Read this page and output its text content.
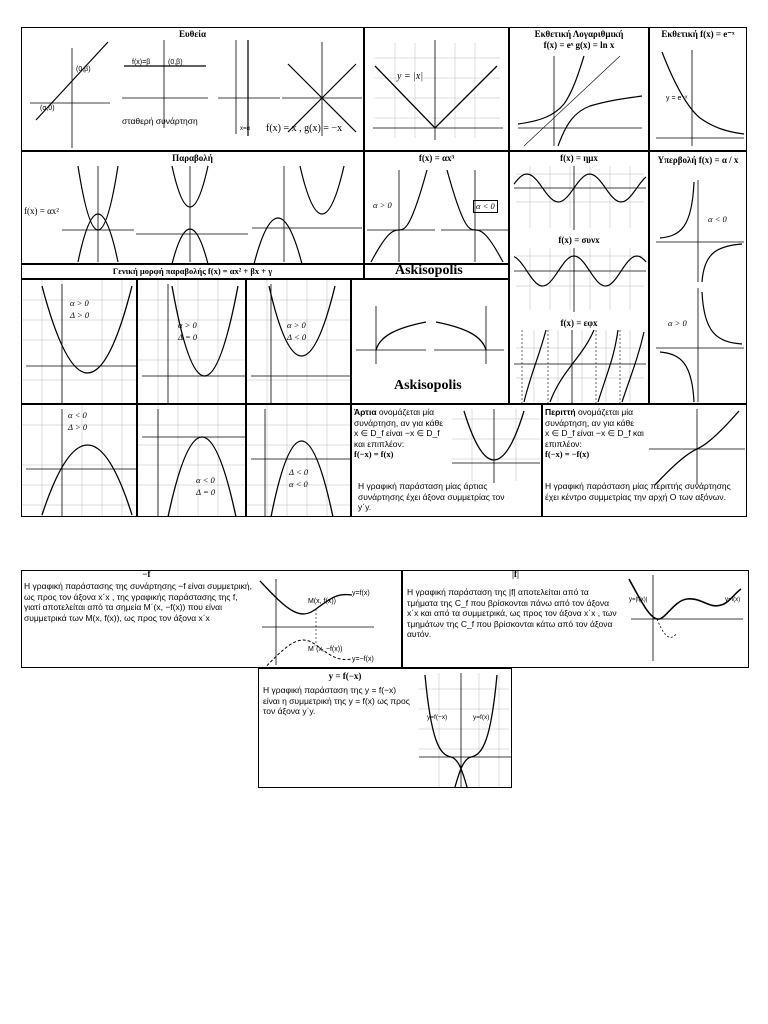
Ευθεία
(0,β)
(α,0)
f(x)=β	(0,β)
σταθερή συνάρτηση
x=α f(x) = x , g(x) = −x
y = |x|
Εκθετική Λογαριθμική
f(x) = eˣ g(x) = ln x
Εκθετική f(x) = e⁻ˣ
y = e⁻ˣ
Παραβολή
f(x) = αx²
f(x) = αx³
α > 0	α < 0
f(x) = ημx
f(x) = συνx
f(x) = εφx
Υπερβολή f(x) = α / x
α < 0
α > 0
Γενική μορφή παραβολής f(x) = αx² + βx + γ	Askisopolis
α > 0
Δ > 0
α > 0
Δ = 0
α > 0
Δ < 0
Askisopolis
α < 0
Δ > 0
α < 0
Δ = 0
Δ < 0
α < 0
Άρτια ονομάζεται μία συνάρτηση, αν για κάθε
x ∈ D_f είναι −x ∈ D_f
και επιπλέον:
f(−x) = f(x)
Η γραφική παράσταση μίας άρτιας συνάρτησης έχει άξονα συμμετρίας τον y΄y.
Περιττή ονομάζεται μία συνάρτηση, αν για κάθε
x ∈ D_f είναι −x ∈ D_f και
επιπλέον:
f(−x) = −f(x)
Η γραφική παράσταση μίας περιττής συνάρτησης έχει κέντρο συμμετρίας την αρχή Ο των αξόνων.
−f
Η γραφική παράστασης της συνάρτησης −f είναι συμμετρική, ως προς τον άξονα x΄x , της γραφικής παράστασης της f, γιατί αποτελείται από τα σημεία M΄(x, −f(x)) που είναι συμμετρικά των M(x, f(x)), ως προς τον άξονα x΄x
y=f(x)
y=−f(x)
M(x, f(x))
M΄(x, −f(x))
|f|
Η γραφική παράσταση της |f| αποτελείται από τα τμήματα της C_f που βρίσκονται πάνω από τον άξονα x΄x και από τα συμμετρικά, ως προς τον άξονα x΄x , των τμημάτων της C_f που βρίσκονται κάτω από τον άξονα αυτόν.
y=|f(x)|	y=f(x)
y = f(−x)
Η γραφική παράσταση της y = f(−x) είναι η συμμετρική της y = f(x) ως προς τον άξονα y΄y.
y=f(−x)	y=f(x)
